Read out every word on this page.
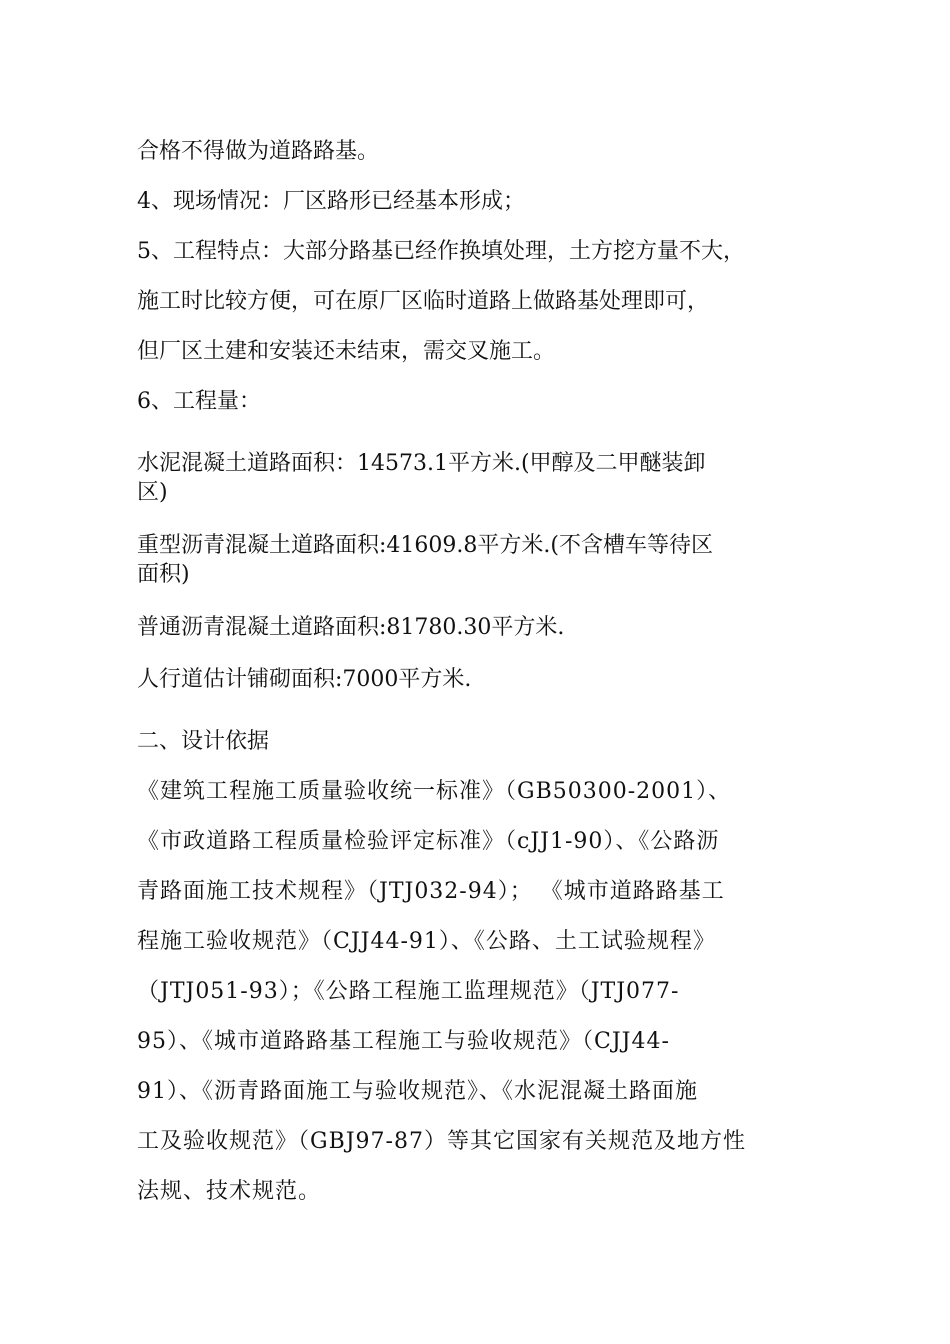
合格不得做为道路路基。

4、现场情况：厂区路形已经基本形成；

5、工程特点：大部分路基已经作换填处理，土方挖方量不大，

施工时比较方便，可在原厂区临时道路上做路基处理即可，

但厂区土建和安装还未结束，需交叉施工。

6、工程量：

水泥混凝土道路面积：14573.1平方米.(甲醇及二甲醚装卸

区)

重型沥青混凝土道路面积:41609.8平方米.(不含槽车等待区

面积)

普通沥青混凝土道路面积:81780.30平方米.

人行道估计铺砌面积:7000平方米.

二、设计依据

《建筑工程施工质量验收统一标准》（GB50300-2001）、

《市政道路工程质量检验评定标准》（cJJ1-90）、《公路沥

青路面施工技术规程》（JTJ032-94）； 《城市道路路基工

程施工验收规范》（CJJ44-91）、《公路、土工试验规程》

（JTJ051-93）；《公路工程施工监理规范》（JTJ077-

95）、《城市道路路基工程施工与验收规范》（CJJ44-

91）、《沥青路面施工与验收规范》、《水泥混凝土路面施

工及验收规范》（GBJ97-87）等其它国家有关规范及地方性

法规、技术规范。
